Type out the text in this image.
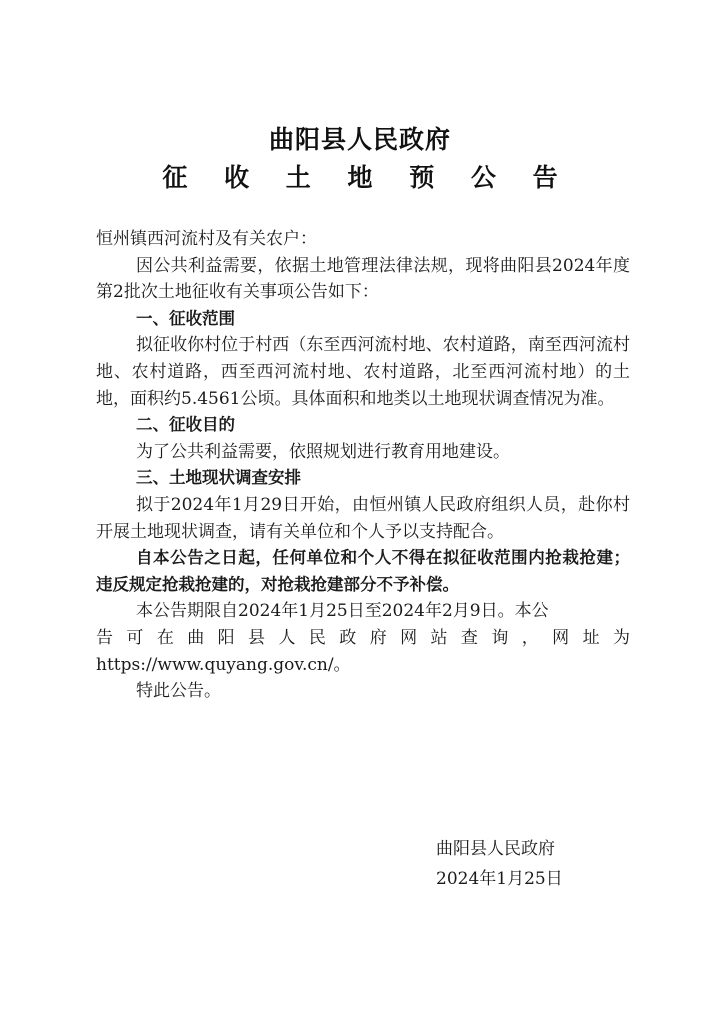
曲阳县人民政府
征 收 土 地 预 公 告

恒州镇西河流村及有关农户：

因公共利益需要，依据土地管理法律法规，现将曲阳县2024年度第2批次土地征收有关事项公告如下：

一、征收范围

拟征收你村位于村西（东至西河流村地、农村道路，南至西河流村地、农村道路，西至西河流村地、农村道路，北至西河流村地）的土地，面积约5.4561公顷。具体面积和地类以土地现状调查情况为准。

二、征收目的

为了公共利益需要，依照规划进行教育用地建设。

三、土地现状调查安排

拟于2024年1月29日开始，由恒州镇人民政府组织人员，赴你村开展土地现状调查，请有关单位和个人予以支持配合。

自本公告之日起，任何单位和个人不得在拟征收范围内抢栽抢建；违反规定抢栽抢建的，对抢栽抢建部分不予补偿。

本公告期限自2024年1月25日至2024年2月9日。本公

告 可 在 曲 阳 县 人 民 政 府 网 站 查 询 ， 网 址 为

https://www.quyang.gov.cn/。

特此公告。

曲阳县人民政府
2024年1月25日
